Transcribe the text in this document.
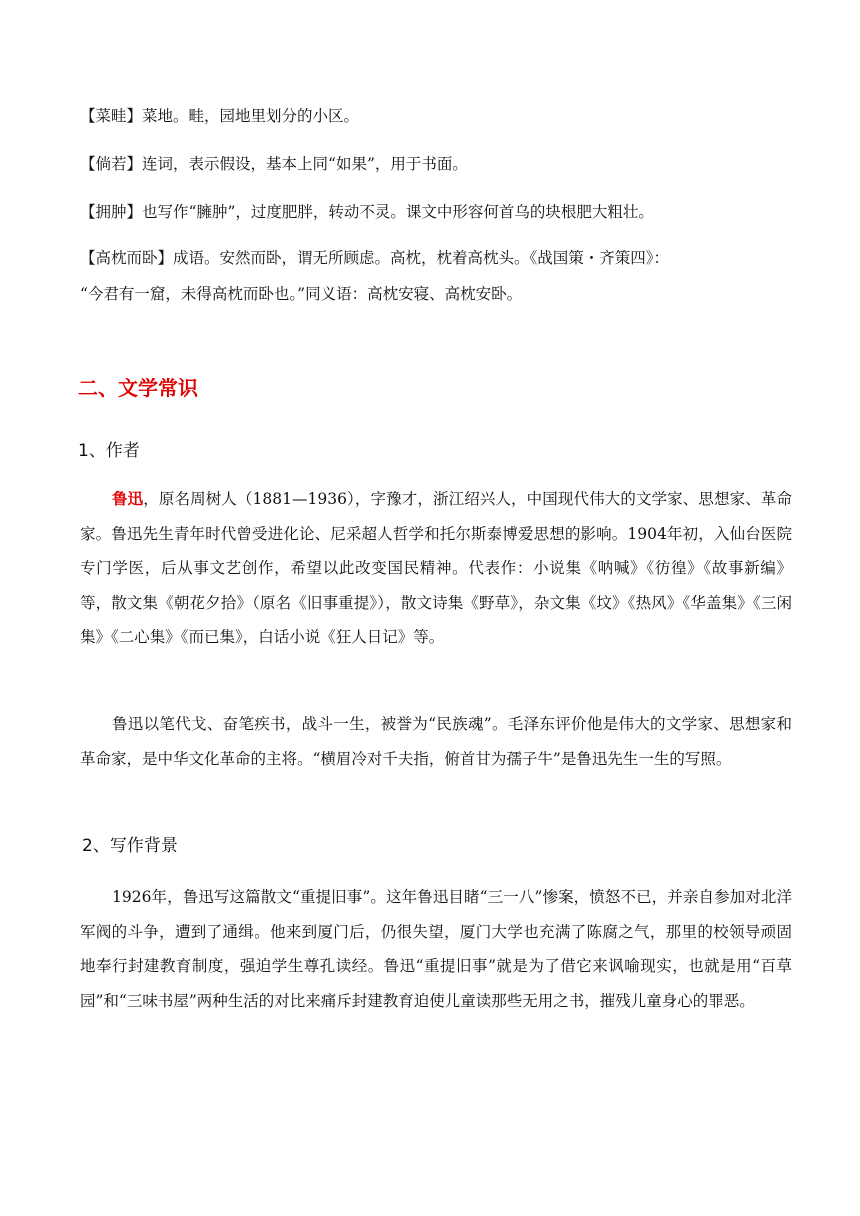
【菜畦】菜地。畦，园地里划分的小区。

【倘若】连词，表示假设，基本上同“如果”，用于书面。

【拥肿】也写作“臃肿”，过度肥胖，转动不灵。课文中形容何首乌的块根肥大粗壮。

【高枕而卧】成语。安然而卧，谓无所顾虑。高枕，枕着高枕头。《战国策・齐策四》：
“今君有一窟，未得高枕而卧也。”同义语：高枕安寝、高枕安卧。

二、文学常识
1、作者

鲁迅，原名周树人（1881—1936），字豫才，浙江绍兴人，中国现代伟大的文学家、思想家、革命家。鲁迅先生青年时代曾受进化论、尼采超人哲学和托尔斯泰博爱思想的影响。1904年初，入仙台医院专门学医，后从事文艺创作，希望以此改变国民精神。代表作：小说集《呐喊》《彷徨》《故事新编》等，散文集《朝花夕拾》（原名《旧事重提》），散文诗集《野草》，杂文集《坟》《热风》《华盖集》《三闲集》《二心集》《而已集》，白话小说《狂人日记》等。

鲁迅以笔代戈、奋笔疾书，战斗一生，被誉为“民族魂”。毛泽东评价他是伟大的文学家、思想家和革命家，是中华文化革命的主将。“横眉冷对千夫指，俯首甘为孺子牛”是鲁迅先生一生的写照。

2、写作背景

1926年，鲁迅写这篇散文“重提旧事”。这年鲁迅目睹“三一八”惨案，愤怒不已，并亲自参加对北洋军阀的斗争，遭到了通缉。他来到厦门后，仍很失望，厦门大学也充满了陈腐之气，那里的校领导顽固地奉行封建教育制度，强迫学生尊孔读经。鲁迅“重提旧事”就是为了借它来讽喻现实，也就是用“百草园”和“三味书屋”两种生活的对比来痛斥封建教育迫使儿童读那些无用之书，摧残儿童身心的罪恶。
